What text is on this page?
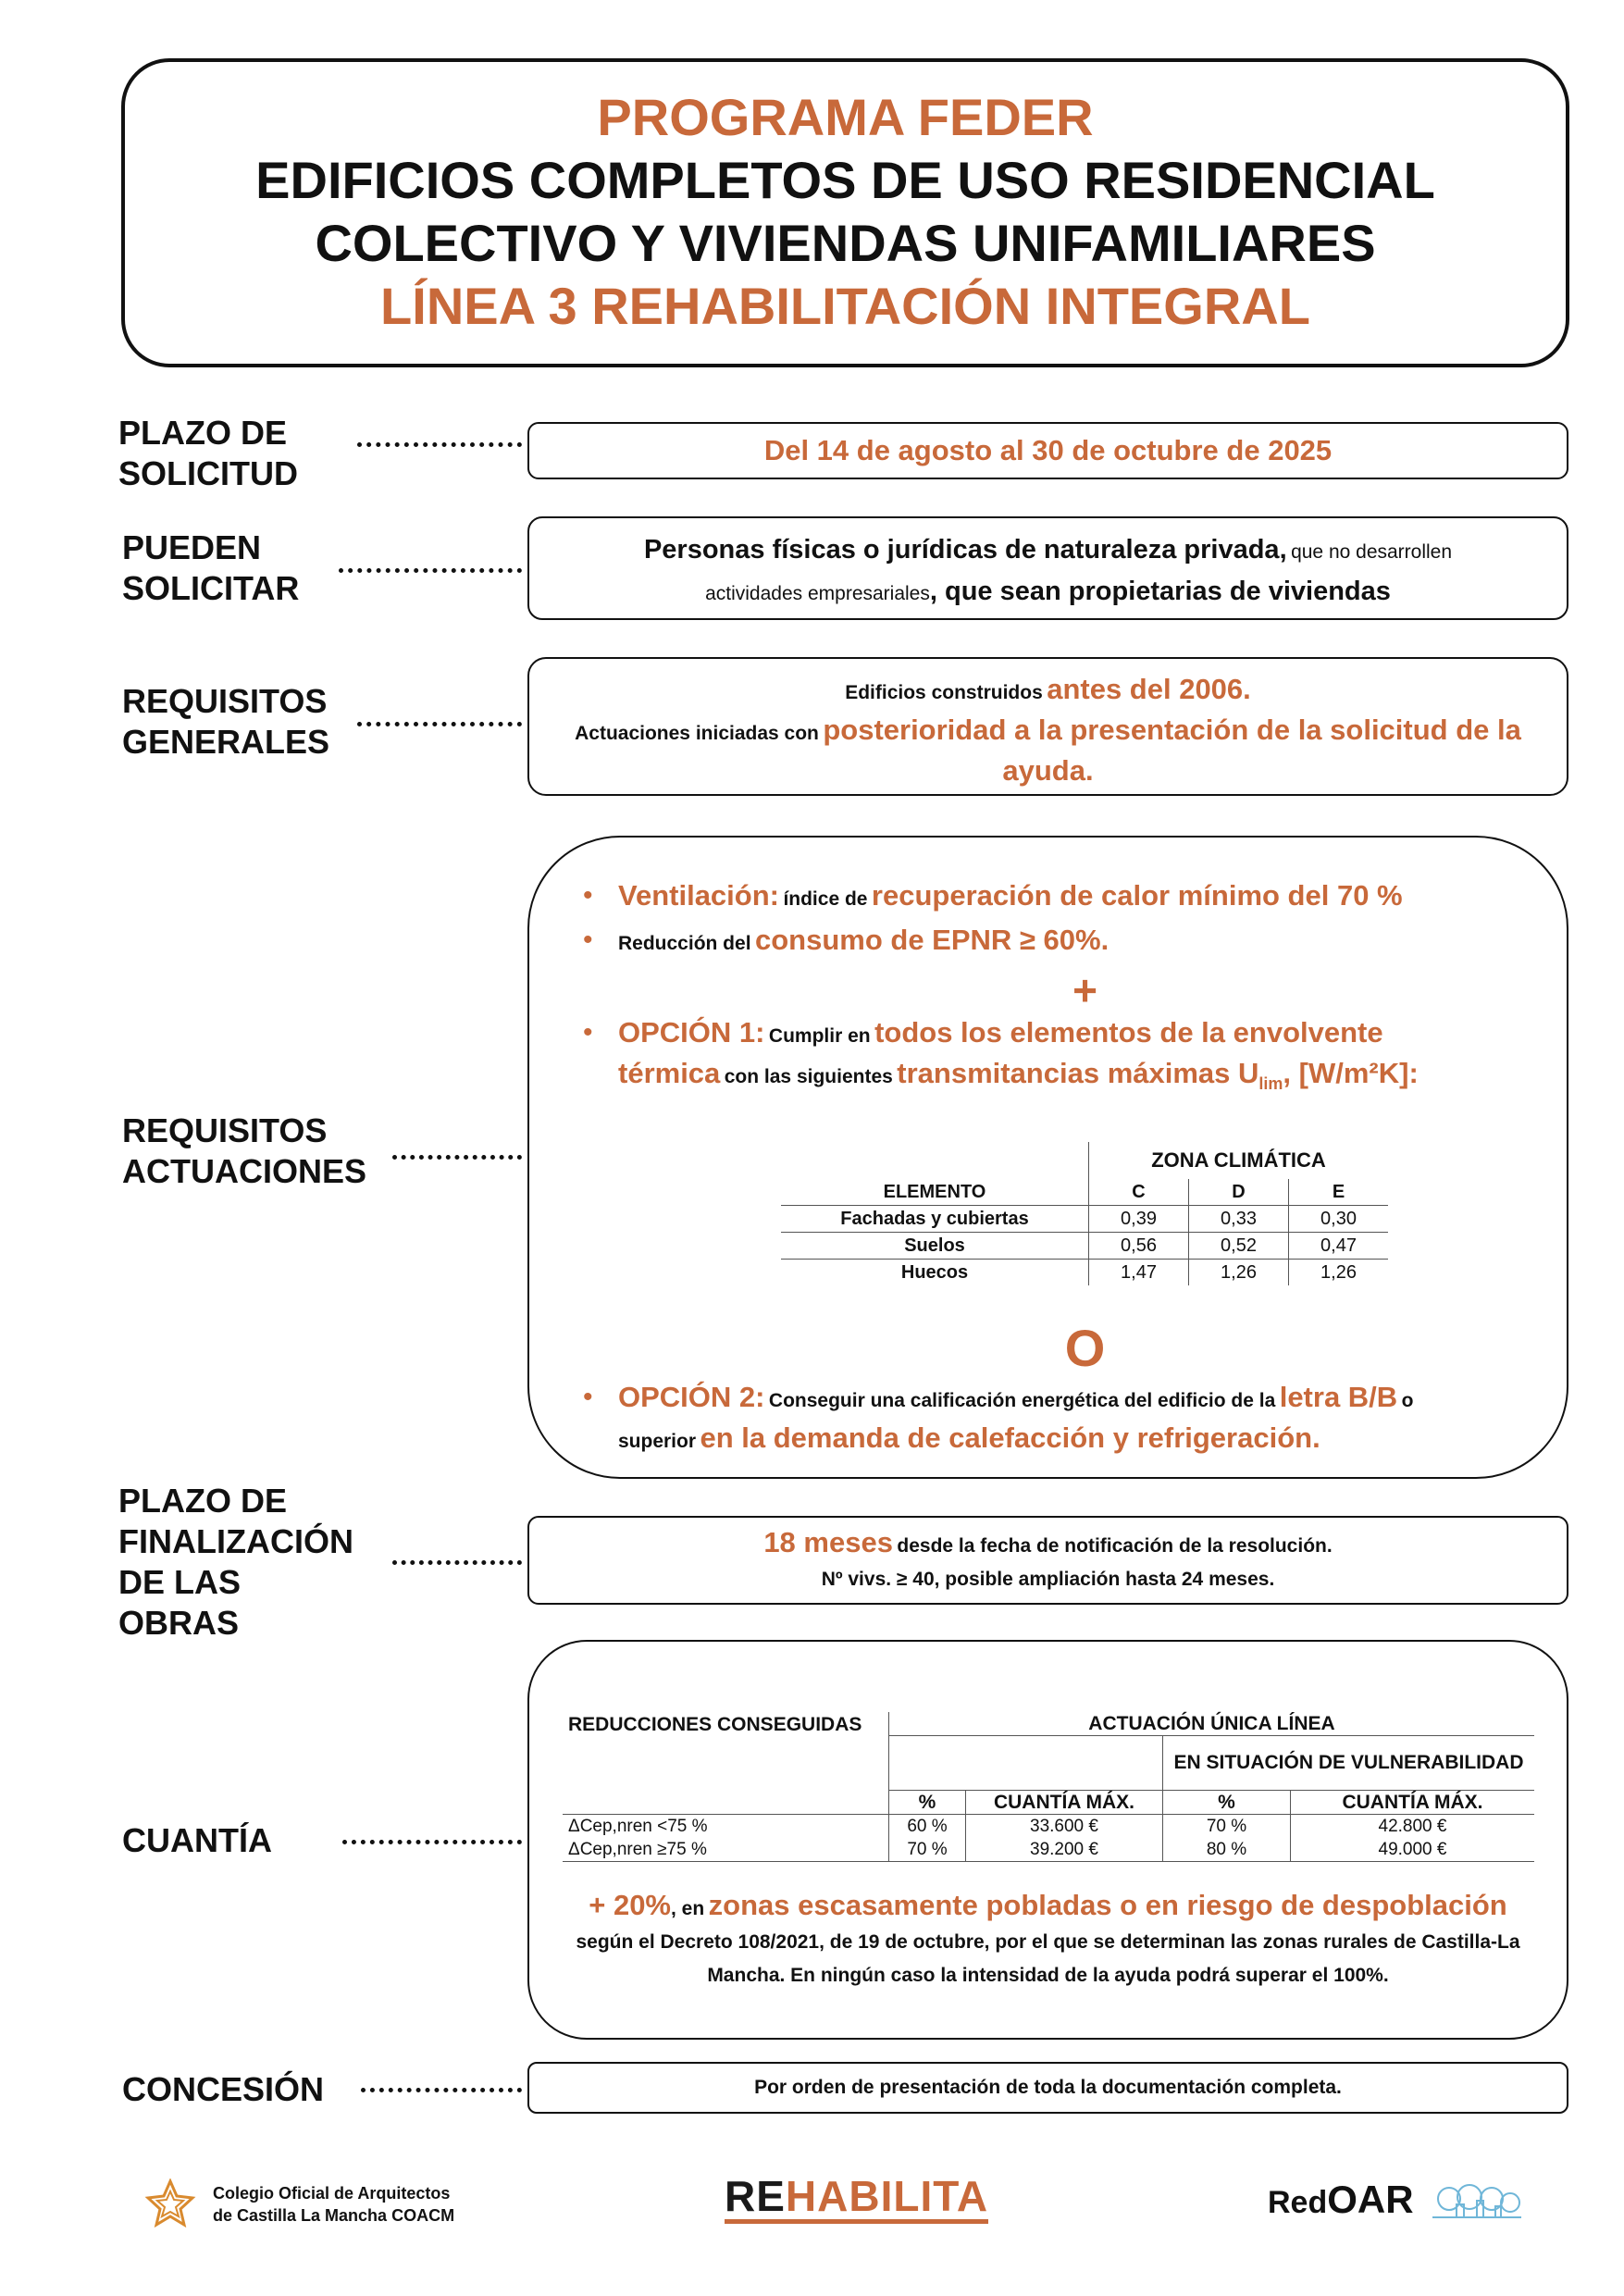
PROGRAMA FEDER
EDIFICIOS COMPLETOS DE USO RESIDENCIAL
COLECTIVO Y VIVIENDAS UNIFAMILIARES
LÍNEA 3 REHABILITACIÓN INTEGRAL
PLAZO DE
SOLICITUD
Del 14 de agosto al 30 de octubre de 2025
PUEDEN
SOLICITAR
Personas físicas o jurídicas de naturaleza privada, que no desarrollen
actividades empresariales, que sean propietarias de viviendas
REQUISITOS
GENERALES
Edificios construidos antes del 2006.
Actuaciones iniciadas con posterioridad a la presentación de la solicitud de la ayuda.
REQUISITOS
ACTUACIONES
• Ventilación: índice de recuperación de calor mínimo del 70 %
• Reducción del consumo de EPNR ≥ 60%.
+
• OPCIÓN 1: Cumplir en todos los elementos de la envolvente
térmica con las siguientes transmitancias máximas $U_{lim}$, [W/m²K]:
	ZONA CLIMÁTICA		
ELEMENTO	C	D	E
Fachadas y cubiertas	0,39	0,33	0,30
Suelos	0,56	0,52	0,47
Huecos	1,47	1,26	1,26
O
• OPCIÓN 2: Conseguir una calificación energética del edificio de la letra B/B o
superior en la demanda de calefacción y refrigeración.
PLAZO DE
FINALIZACIÓN
DE LAS
OBRAS
18 meses desde la fecha de notificación de la resolución.
Nº vivs. ≥ 40, posible ampliación hasta 24 meses.
CUANTÍA
REDUCCIONES CONSEGUIDAS	ACTUACIÓN ÚNICA LÍNEA			
			EN SITUACIÓN DE VULNERABILIDAD	
	%	CUANTÍA MÁX.	%	CUANTÍA MÁX.
ΔCep,nren <75 %	60 %	33.600 €	70 %	42.800 €
ΔCep,nren ≥75 %	70 %	39.200 €	80 %	49.000 €
+ 20%, en zonas escasamente pobladas o en riesgo de despoblación según el Decreto 108/2021, de 19 de octubre, por el que se determinan las zonas rurales de Castilla-La Mancha. En ningún caso la intensidad de la ayuda podrá superar el 100%.
CONCESIÓN	Por orden de presentación de toda la documentación completa.
Colegio Oficial de Arquitectos
de Castilla La Mancha COACM	REHABILITA	RedOAR
